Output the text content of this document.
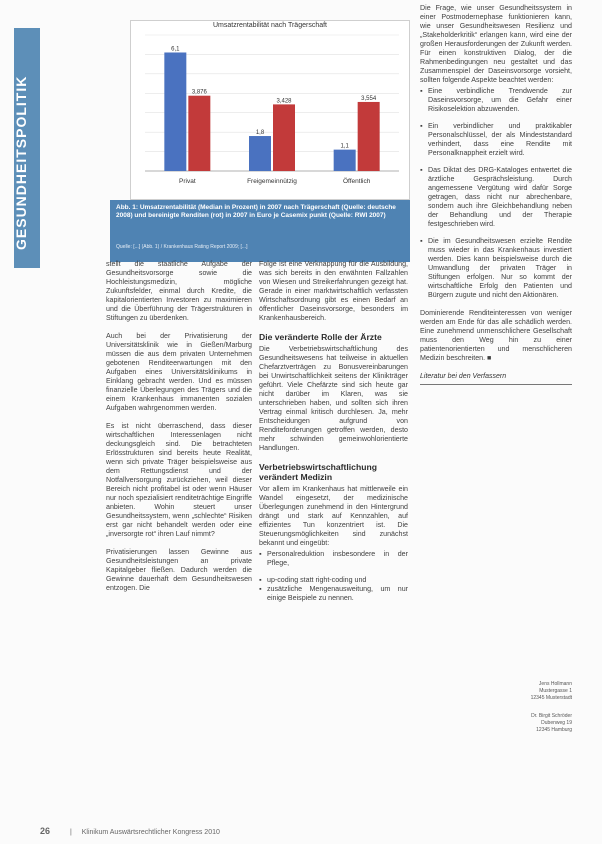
GESUNDHEITSPOLITIK
Umsatzrentabilität nach Trägerschaft
6,1
3,876
Privat
1,8
3,428
Freigemeinnützig
1,1
3,554
Öffentlich
Abb. 1: Umsatzrentabilität (Median in Prozent) in 2007 nach Trägerschaft (Quelle: deutsche 2008) und bereinigte Renditen (rot) in 2007 in Euro je Casemix punkt (Quelle: RWI 2007)
Quelle: [...] (Abb. 1) / Krankenhaus Rating Report 2009; [...]

stellt die staatliche Aufgabe der Gesundheitsvorsorge sowie die Hochleistungsmedizin, mögliche Zukunftsfelder, einmal durch Kredite, die kapitalorientierten Investoren zu maximieren und die Überführung der Trägerstrukturen in Stiftungen zu überdenken.

Auch bei der Privatisierung der Universitätsklinik wie in Gießen/Marburg müssen die aus dem privaten Unternehmen gebotenen Renditeerwartungen mit den Aufgaben eines Universitätsklinikums in Einklang gebracht werden. Und es müssen finanzielle Überlegungen des Trägers und die einem Krankenhaus immanenten sozialen Aufgaben wahrgenommen werden.

Es ist nicht überraschend, dass dieser wirtschaftlichen Interessenlagen nicht deckungsgleich sind. Die betrachteten Erlösstrukturen sind bereits heute Realität, wenn sich private Träger beispielsweise aus dem Rettungsdienst und der Notfallversorgung zurückziehen, weil dieser Bereich nicht profitabel ist oder wenn Häuser nur noch spezialisiert renditeträchtige Eingriffe anbieten. Wohin steuert unser Gesundheitssystem, wenn „schlechte“ Risiken erst gar nicht behandelt werden oder eine „inversorgte rot“ ihren Lauf nimmt?

Privatisierungen lassen Gewinne aus Gesundheitsleistungen an private Kapitalgeber fließen. Dadurch werden die Gewinne dauerhaft dem Gesundheitswesen entzogen. Die

Folge ist eine Verknappung für die Ausbildung, was sich bereits in den erwähnten Fallzahlen von Wiesen und Streikerfahrungen gezeigt hat. Gerade in einer marktwirtschaftlich verfassten Wirtschaftsordnung gibt es einen Bedarf an öffentlicher Daseinsvorsorge, besonders im Krankenhausbereich.

Die veränderte Rolle der Ärzte

Die Verbetriebswirtschaftlichung des Gesundheitswesens hat teilweise in aktuellen Chefarztverträgen zu Bonusvereinbarungen bei Unwirtschaftlichkeit seitens der Klinikträger geführt. Viele Chefärzte sind sich heute gar nicht darüber im Klaren, was sie unterschrieben haben, und sollten sich ihren Vertrag einmal kritisch durchlesen. Ja, mehr Entscheidungen aufgrund von Renditeforderungen getroffen werden, desto mehr schwinden gemeinwohlorientierte Handlungen.

Verbetriebswirtschaftlichung verändert Medizin

Vor allem im Krankenhaus hat mittlerweile ein Wandel eingesetzt, der medizinische Überlegungen zunehmend in den Hintergrund drängt und stark auf Kennzahlen, auf effizientes Tun konzentriert ist. Die Steuerungsmöglichkeiten sind zunächst bekannt und eingeübt:

▪ Personalreduktion insbesondere in der Pflege,
▪ up-coding statt right-coding und
▪ zusätzliche Mengenausweitung, um nur einige Beispiele zu nennen.

Die Frage, wie unser Gesundheitssystem in einer Postmodernephase funktionieren kann, wie unser Gesundheitswesen Resilienz und „Stakeholderkritik“ erlangen kann, wird eine der großen Herausforderungen der Zukunft werden. Für einen konstruktiven Dialog, der die Rahmenbedingungen neu gestaltet und das Zusammenspiel der Daseinsvorsorge vorsieht, sollten folgende Aspekte beachtet werden:

▪ Eine verbindliche Trendwende zur Daseinsvorsorge, um die Gefahr einer Risikoselektion abzuwenden.
▪ Ein verbindlicher und praktikabler Personalschlüssel, der als Mindeststandard verhindert, dass eine Rendite mit Personalknappheit erzielt wird.
▪ Das Diktat des DRG-Kataloges entwertet die ärztliche Gesprächsleistung. Durch angemessene Vergütung wird dafür Sorge getragen, dass nicht nur abrechenbare, sondern auch ihre Gleichbehandlung neben der Behandlung und der Therapie festgeschrieben wird.
▪ Die im Gesundheitswesen erzielte Rendite muss wieder in das Krankenhaus investiert werden. Dies kann beispielsweise durch die Umwandlung der privaten Träger in Stiftungen erfolgen. Nur so kommt der wirtschaftliche Erfolg den Patienten und Bürgern zugute und nicht den Aktionären.

Dominierende Renditeinteressen von weniger werden am Ende für das alle schädlich werden. Eine zunehmend unmenschlichere Gesellschaft muss den Weg hin zu einer patientenorientierten und menschlicheren Medizin beschreiten. ■

Literatur bei den Verfassern
Jens Hollmann
Mustergasse 1
12345 Musterstadt
Dr. Birgit Schröder
Dubenweg 19
12345 Hamburg
26	| Klinikum Auswärtsrechtlicher Kongress 2010
